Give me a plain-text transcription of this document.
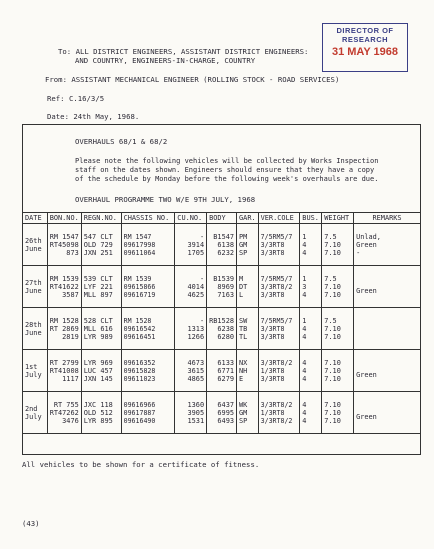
DIRECTOR OF
RESEARCH
31 MAY 1968
To: ALL DISTRICT ENGINEERS, ASSISTANT DISTRICT ENGINEERS:
AND COUNTRY, ENGINEERS-IN-CHARGE, COUNTRY
From: ASSISTANT MECHANICAL ENGINEER (ROLLING STOCK - ROAD SERVICES)
Ref: C.16/3/5
Date: 24th May, 1968.
OVERHAULS 68/1 & 68/2
Please note the following vehicles will be collected by Works Inspection
staff on the dates shown. Engineers should ensure that they have a copy
of the schedule by Monday before the following week's overhauls are due.
OVERHAUL PROGRAMME TWO W/E 9TH JULY, 1968
DATE	BON.NO.	REGN.NO.	CHASSIS NO.	CU.NO.	BODY	GAR.	VER.COLE	BUS.	WEIGHT	REMARKS
26th
June	RM 1547
RT45098
873	547 CLT
OLD 729
JXN 251	RM 1547
09617998
09611064	-
3914
1705	B1547
6138
6232	PM
GM
SP	7/5RM5/7
3/3RT8
3/3RT8	1
4
4	7.5
7.10
7.10	Unlad,
Green
-
27th
June	RM 1539
RT41622
3587	539 CLT
LYF 221
MLL 897	RM 1539
09615866
09616719	-
4014
4625	B1539
8969
7163	M
DT
L	7/5RM5/7
3/3RT8/2
3/3RT8	1
3
4	7.5
7.10
7.10	
Green

28th
June	RM 1528
RT 2869
2819	528 CLT
MLL 616
LYR 989	RM 1528
09616542
09616451	-
1313
1266	RB1528
6238
6280	SW
TB
TL	7/5RM5/7
3/3RT8
3/3RT8	1
4
4	7.5
7.10
7.10	

1st
July	RT 2799
RT41008
1117	LYR 969
LUC 457
JXN 145	09616352
09615828
09611023	4673
3615
4865	6133
6771
6279	NX
NH
E	3/3RT8/2
1/3RT8
3/3RT8	4
4
4	7.10
7.10
7.10	
Green

2nd
July	RT 755
RT47262
3476	JXC 118
OLD 512
LYR 895	09616966
09617887
09616490	1360
3905
1531	6437
6995
6493	WK
GM
SP	3/3RT8/2
1/3RT8
3/3RT8/2	4
4
4	7.10
7.10
7.10	
Green

All vehicles to be shown for a certificate of fitness.
(43)
